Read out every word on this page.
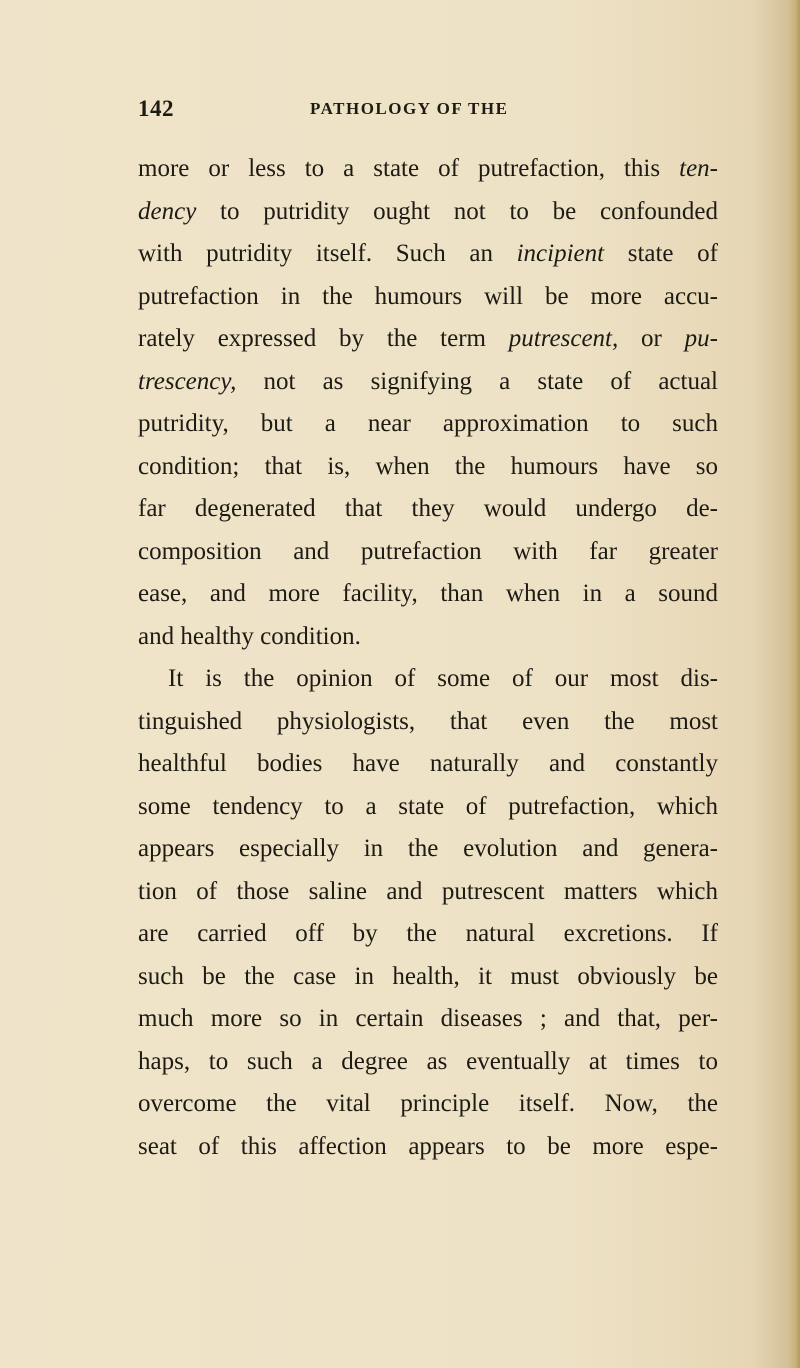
142	PATHOLOGY OF THE
more or less to a state of putrefaction, this ten-
dency to putridity ought not to be confounded
with putridity itself. Such an incipient state of
putrefaction in the humours will be more accu-
rately expressed by the term putrescent, or pu-
trescency, not as signifying a state of actual
putridity, but a near approximation to such
condition; that is, when the humours have so
far degenerated that they would undergo de-
composition and putrefaction with far greater
ease, and more facility, than when in a sound
and healthy condition.
It is the opinion of some of our most dis-
tinguished physiologists, that even the most
healthful bodies have naturally and constantly
some tendency to a state of putrefaction, which
appears especially in the evolution and genera-
tion of those saline and putrescent matters which
are carried off by the natural excretions. If
such be the case in health, it must obviously be
much more so in certain diseases ; and that, per-
haps, to such a degree as eventually at times to
overcome the vital principle itself. Now, the
seat of this affection appears to be more espe-
